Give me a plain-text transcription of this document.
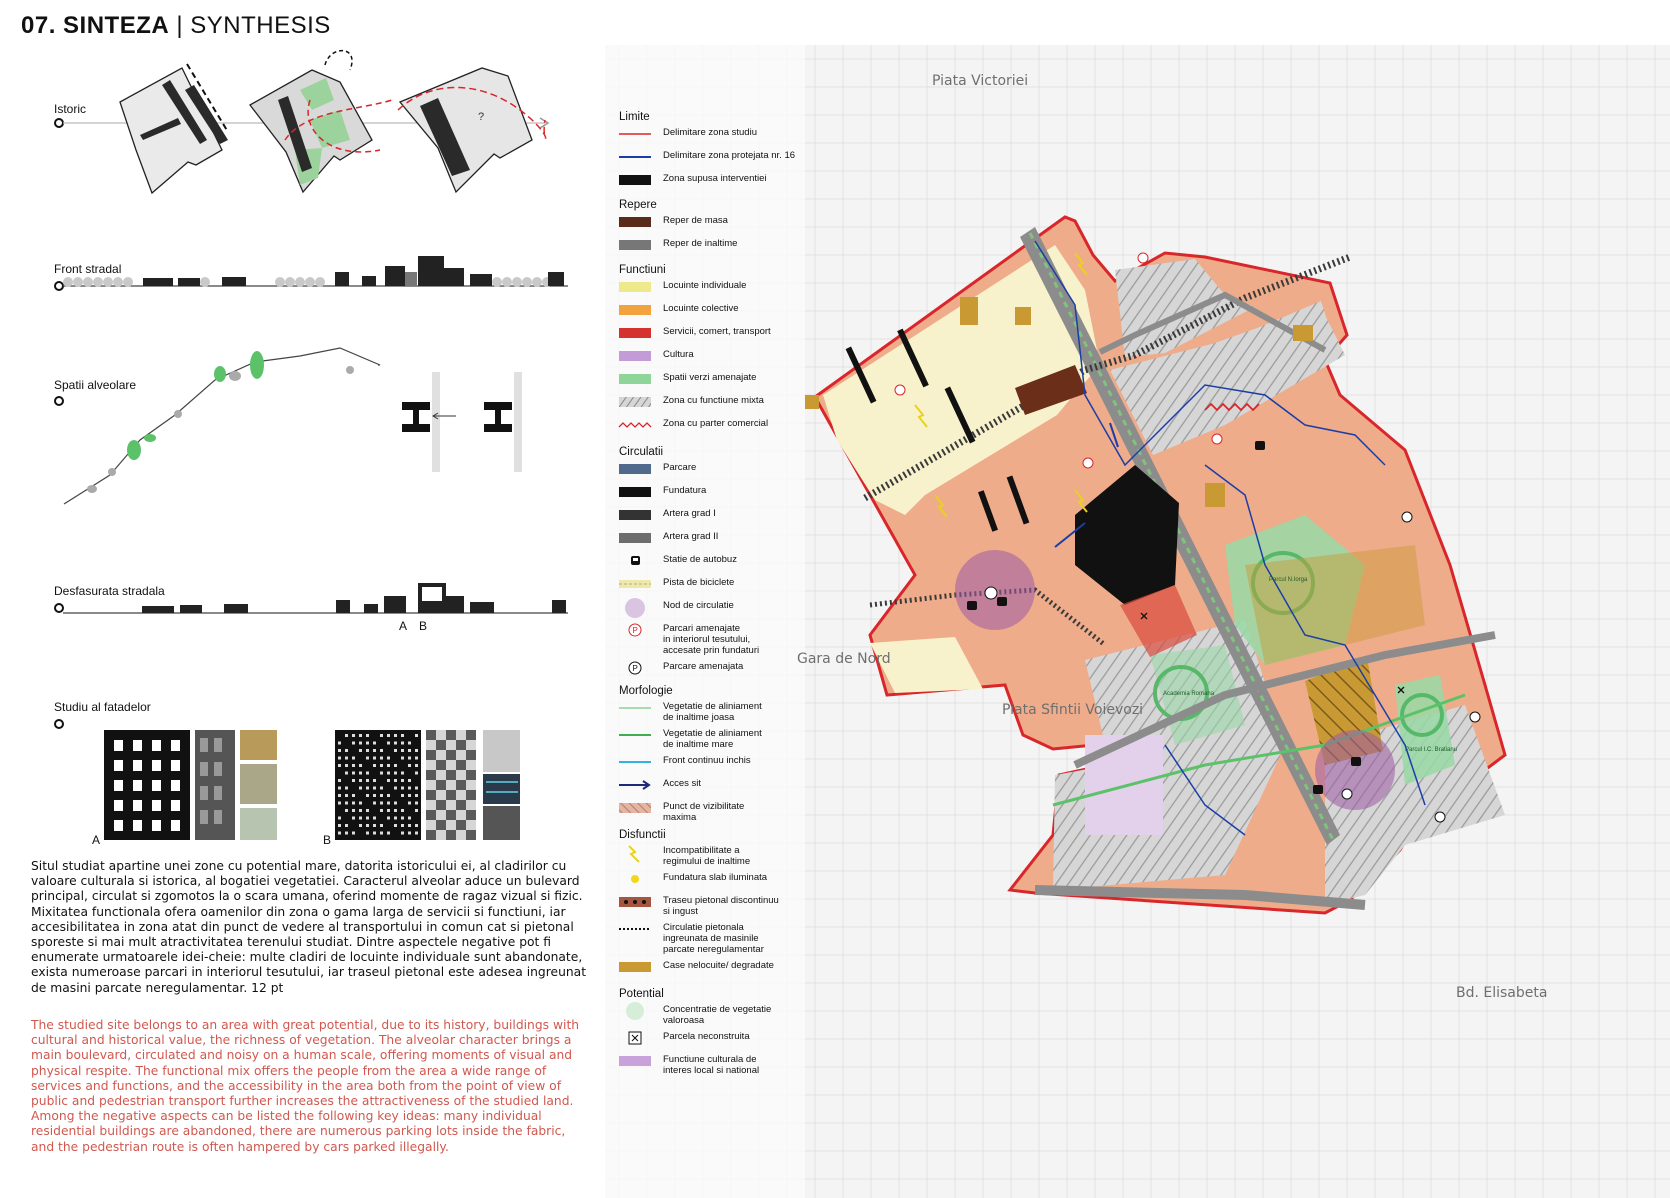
07. SINTEZA | SYNTHESIS
?
A B
A	B
Istoric
Front stradal
Spatii alveolare
Desfasurata stradala
Studiu al fatadelor
Situl studiat apartine unei zone cu potential mare, datorita istoricului ei, al cladirilor cu valoare culturala si istorica, al bogatiei vegetatiei. Caracterul alveolar aduce un bulevard principal, circulat si zgomotos la o scara umana, oferind momente de ragaz vizual si fizic. Mixitatea functionala ofera oamenilor din zona o gama larga de servicii si functiuni, iar accesibilitatea in zona atat din punct de vedere al transportului in comun cat si pietonal sporeste si mai mult atractivitatea terenului studiat. Dintre aspectele negative pot fi enumerate urmatoarele idei-cheie: multe cladiri de locuinte individuale sunt abandonate, exista numeroase parcari in interiorul tesutului, iar traseul pietonal este adesea ingreunat de masini parcate neregulamentar. 12 pt
The studied site belongs to an area with great potential, due to its history, buildings with cultural and historical value, the richness of vegetation. The alveolar character brings a main boulevard, circulated and noisy on a human scale, offering moments of visual and physical respite. The functional mix offers the people from the area a wide range of services and functions, and the accessibility in the area both from the point of view of public and pedestrian transport further increases the attractiveness of the studied land. Among the negative aspects can be listed the following key ideas: many individual residential buildings are abandoned, there are numerous parking lots inside the fabric, and the pedestrian route is often hampered by cars parked illegally.
Parcul N.Iorga
Academia Romana
Parcul I.C. Bratianu
Piata Victoriei
Gara de Nord
Piata Sfintii Voievozi
Bd. Elisabeta
Limite
Delimitare zona studiu
Delimitare zona protejata nr. 16
Zona supusa interventiei
Repere
Reper de masa
Reper de inaltime
Functiuni
Locuinte individuale
Locuinte colective
Servicii, comert, transport
Cultura
Spatii verzi amenajate
Zona cu functiune mixta
Zona cu parter comercial
Circulatii
Parcare
Fundatura
Artera grad I
Artera grad II
Statie de autobuz
Pista de biciclete
Nod de circulatie
P	Parcari amenajate
in interiorul tesutului,
accesate prin fundaturi
P	Parcare amenajata
Morfologie
Vegetatie de aliniament
de inaltime joasa
Vegetatie de aliniament
de inaltime mare
Front continuu inchis
Acces sit
Punct de vizibilitate
maxima
Disfunctii
Incompatibilitate a
regimului de inaltime
Fundatura slab iluminata
Traseu pietonal discontinuu
si ingust
Circulatie pietonala
ingreunata de masinile
parcate neregulamentar
Case nelocuite/ degradate
Potential
Concentratie de vegetatie
valoroasa
Parcela neconstruita
Functiune culturala de
interes local si national
